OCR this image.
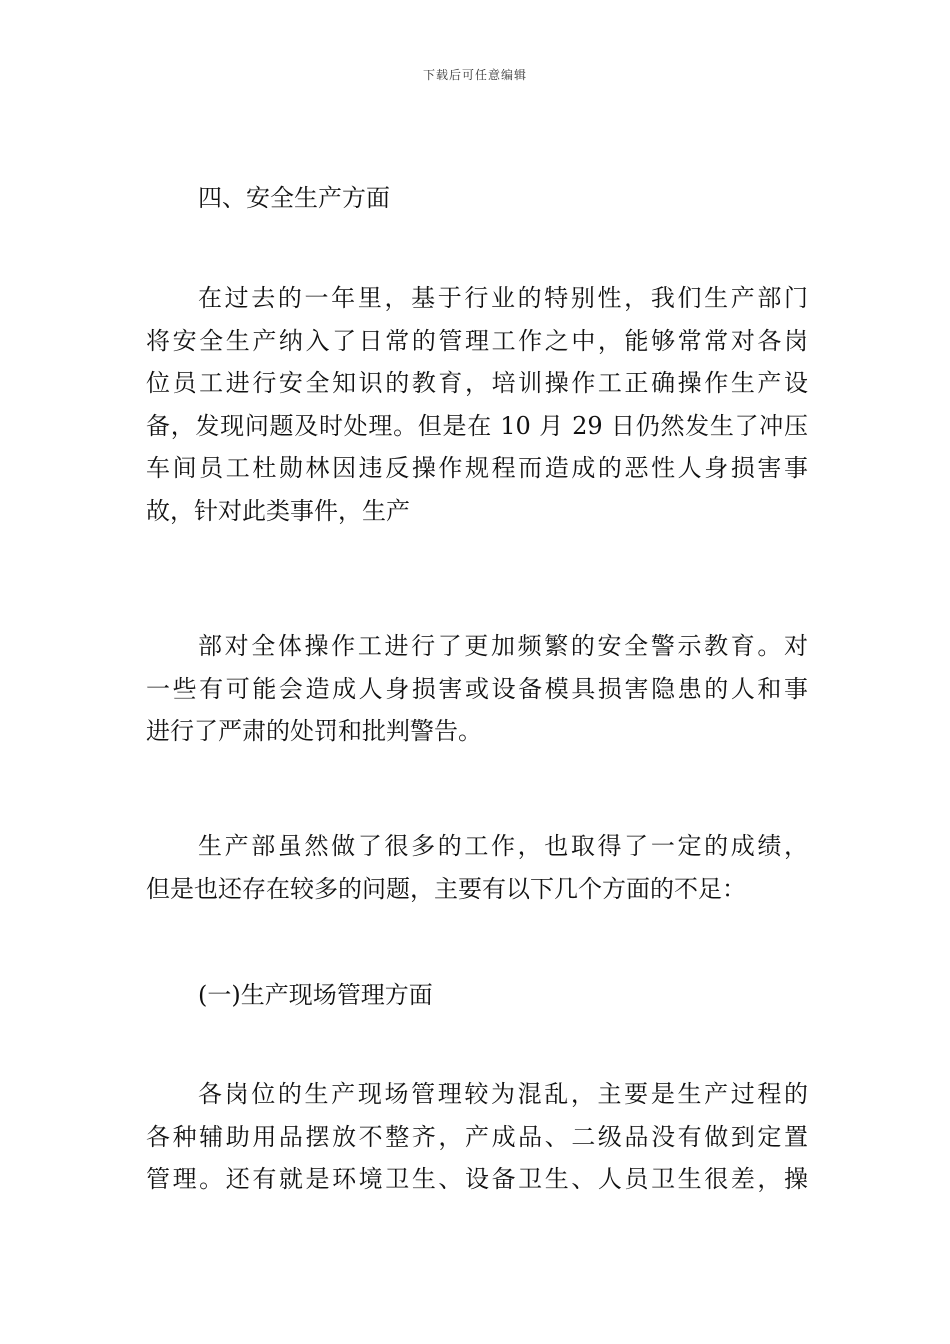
下载后可任意编辑
四、安全生产方面
在过去的一年里，基于行业的特别性，我们生产部门
将安全生产纳入了日常的管理工作之中，能够常常对各岗
位员工进行安全知识的教育，培训操作工正确操作生产设
备，发现问题及时处理。但是在 10 月 29 日仍然发生了冲压
车间员工杜勋林因违反操作规程而造成的恶性人身损害事
故，针对此类事件，生产
部对全体操作工进行了更加频繁的安全警示教育。对
一些有可能会造成人身损害或设备模具损害隐患的人和事
进行了严肃的处罚和批判警告。
生产部虽然做了很多的工作，也取得了一定的成绩，
但是也还存在较多的问题，主要有以下几个方面的不足：
(一)生产现场管理方面
各岗位的生产现场管理较为混乱，主要是生产过程的
各种辅助用品摆放不整齐，产成品、二级品没有做到定置
管理。还有就是环境卫生、设备卫生、人员卫生很差，操
